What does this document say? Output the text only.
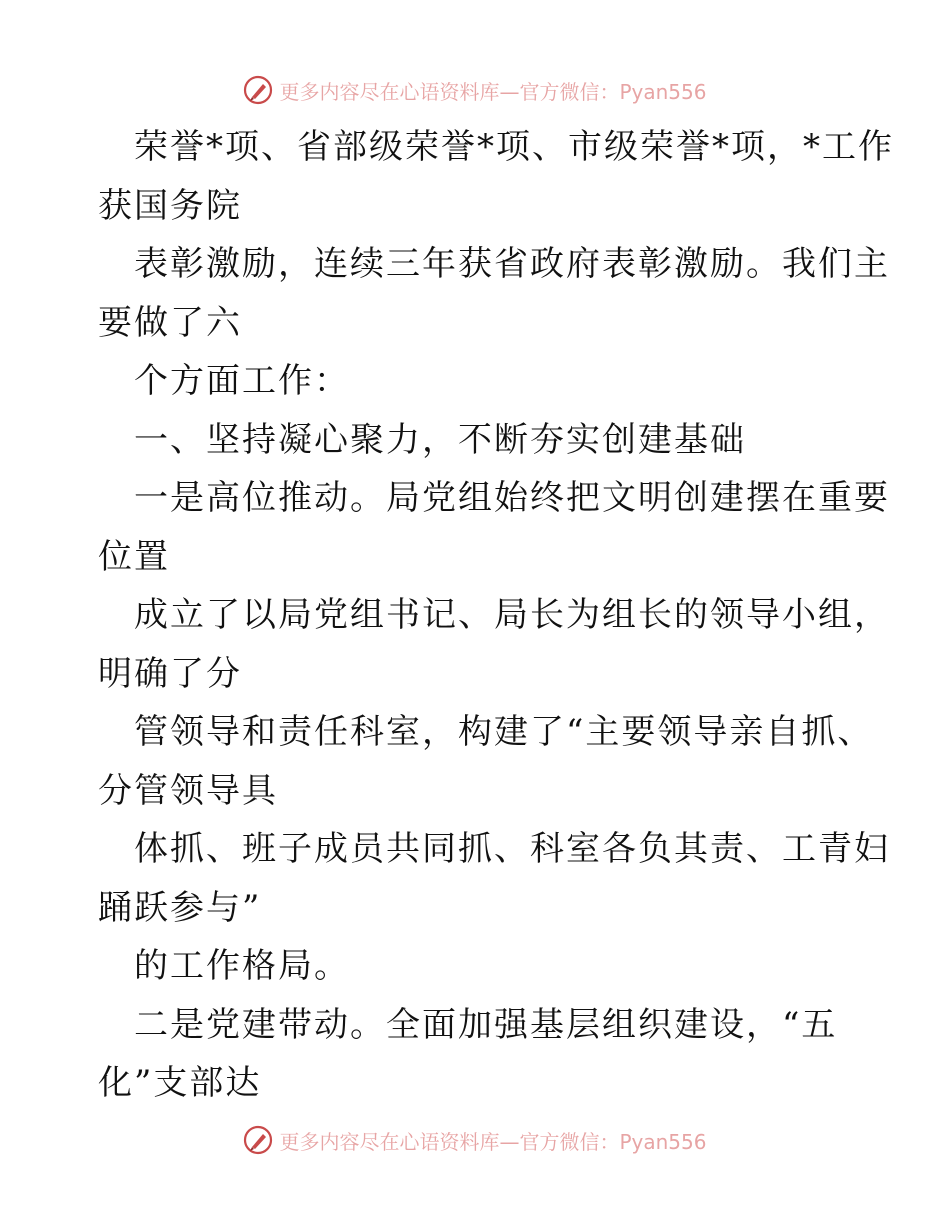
更多内容尽在心语资料库—官方微信：Pyan556
荣誉*项、省部级荣誉*项、市级荣誉*项，*工作
获国务院
表彰激励，连续三年获省政府表彰激励。我们主
要做了六
个方面工作：
一、坚持凝心聚力，不断夯实创建基础
一是高位推动。局党组始终把文明创建摆在重要
位置
成立了以局党组书记、局长为组长的领导小组，
明确了分
管领导和责任科室，构建了“主要领导亲自抓、
分管领导具
体抓、班子成员共同抓、科室各负其责、工青妇
踊跃参与”
的工作格局。
二是党建带动。全面加强基层组织建设，“五
化”支部达
更多内容尽在心语资料库—官方微信：Pyan556
